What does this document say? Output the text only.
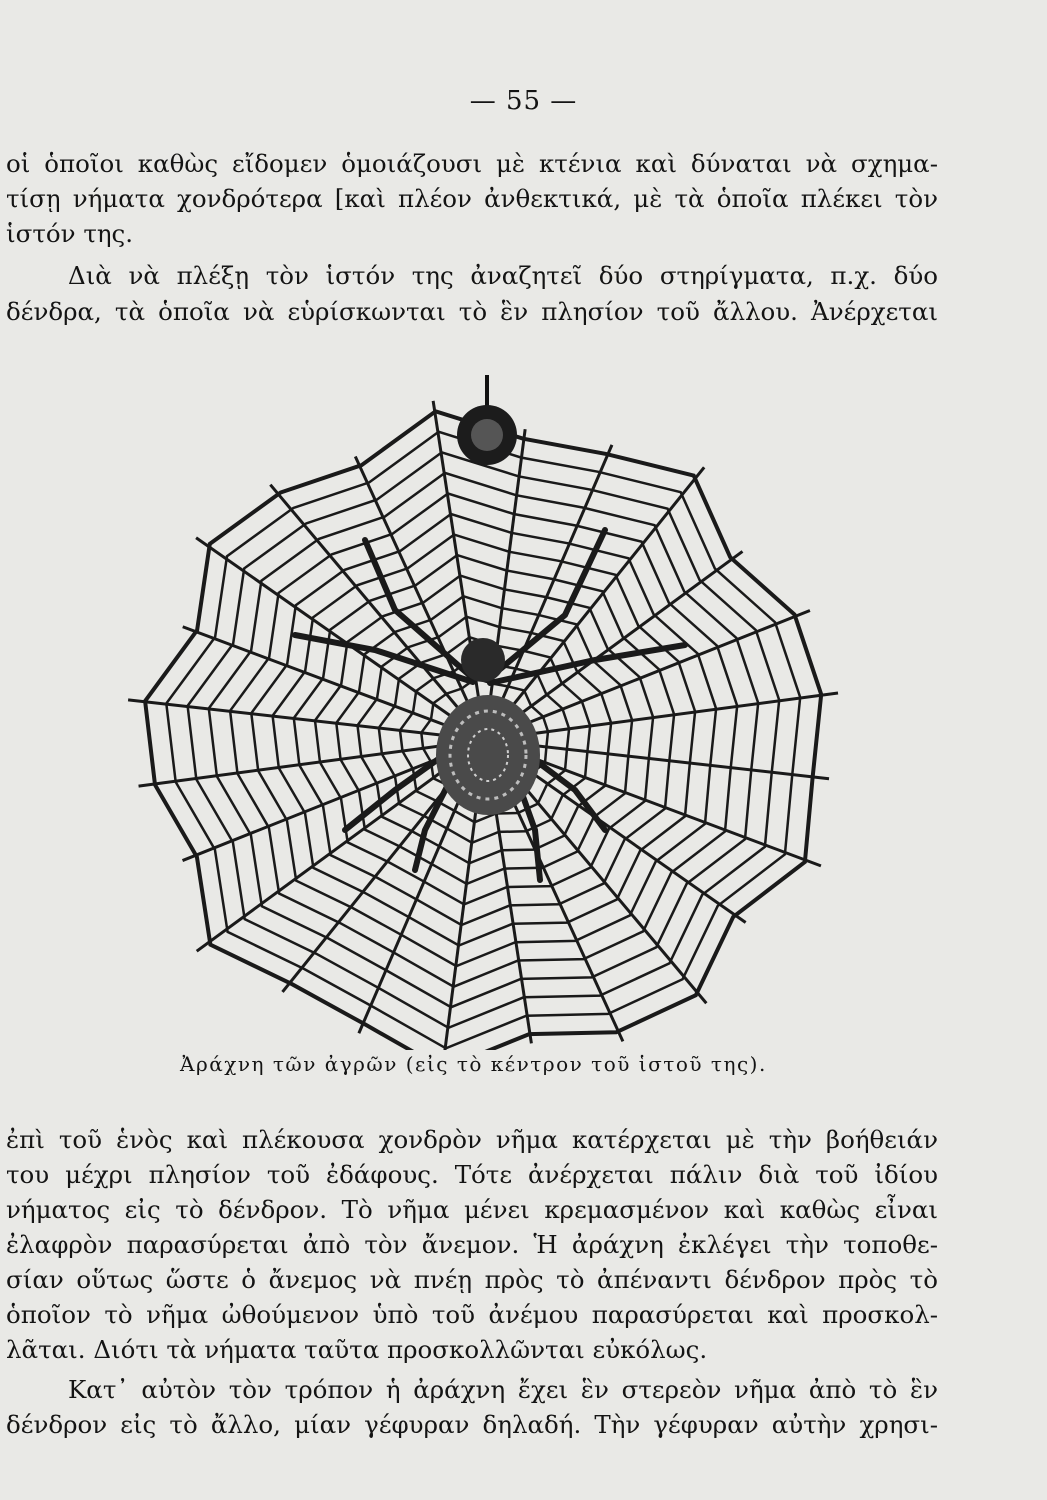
— 55 —
οἱ ὁποῖοι καθὼς εἴδομεν ὁμοιάζουσι μὲ κτένια καὶ δύναται νὰ σχημα-
τίσῃ νήματα χονδρότερα [καὶ πλέον ἀνθεκτικά, μὲ τὰ ὁποῖα πλέκει τὸν
ἱστόν της.
Διὰ νὰ πλέξῃ τὸν ἱστόν της ἀναζητεῖ δύο στηρίγματα, π.χ. δύο
δένδρα, τὰ ὁποῖα νὰ εὑρίσκωνται τὸ ἓν πλησίον τοῦ ἄλλου. Ἀνέρχεται
Ἀράχνη τῶν ἀγρῶν (εἰς τὸ κέντρον τοῦ ἱστοῦ της).
ἐπὶ τοῦ ἑνὸς καὶ πλέκουσα χονδρὸν νῆμα κατέρχεται μὲ τὴν βοήθειάν
του μέχρι πλησίον τοῦ ἐδάφους. Τότε ἀνέρχεται πάλιν διὰ τοῦ ἰδίου
νήματος εἰς τὸ δένδρον. Τὸ νῆμα μένει κρεμασμένον καὶ καθὼς εἶναι
ἐλαφρὸν παρασύρεται ἀπὸ τὸν ἄνεμον. Ἡ ἀράχνη ἐκλέγει τὴν τοποθε-
σίαν οὕτως ὥστε ὁ ἄνεμος νὰ πνέῃ πρὸς τὸ ἀπέναντι δένδρον πρὸς τὸ
ὁποῖον τὸ νῆμα ὠθούμενον ὑπὸ τοῦ ἀνέμου παρασύρεται καὶ προσκολ-
λᾶται. Διότι τὰ νήματα ταῦτα προσκολλῶνται εὐκόλως.
Κατ᾽ αὐτὸν τὸν τρόπον ἡ ἀράχνη ἔχει ἓν στερεὸν νῆμα ἀπὸ τὸ ἓν
δένδρον εἰς τὸ ἄλλο, μίαν γέφυραν δηλαδή. Τὴν γέφυραν αὐτὴν χρησι-
